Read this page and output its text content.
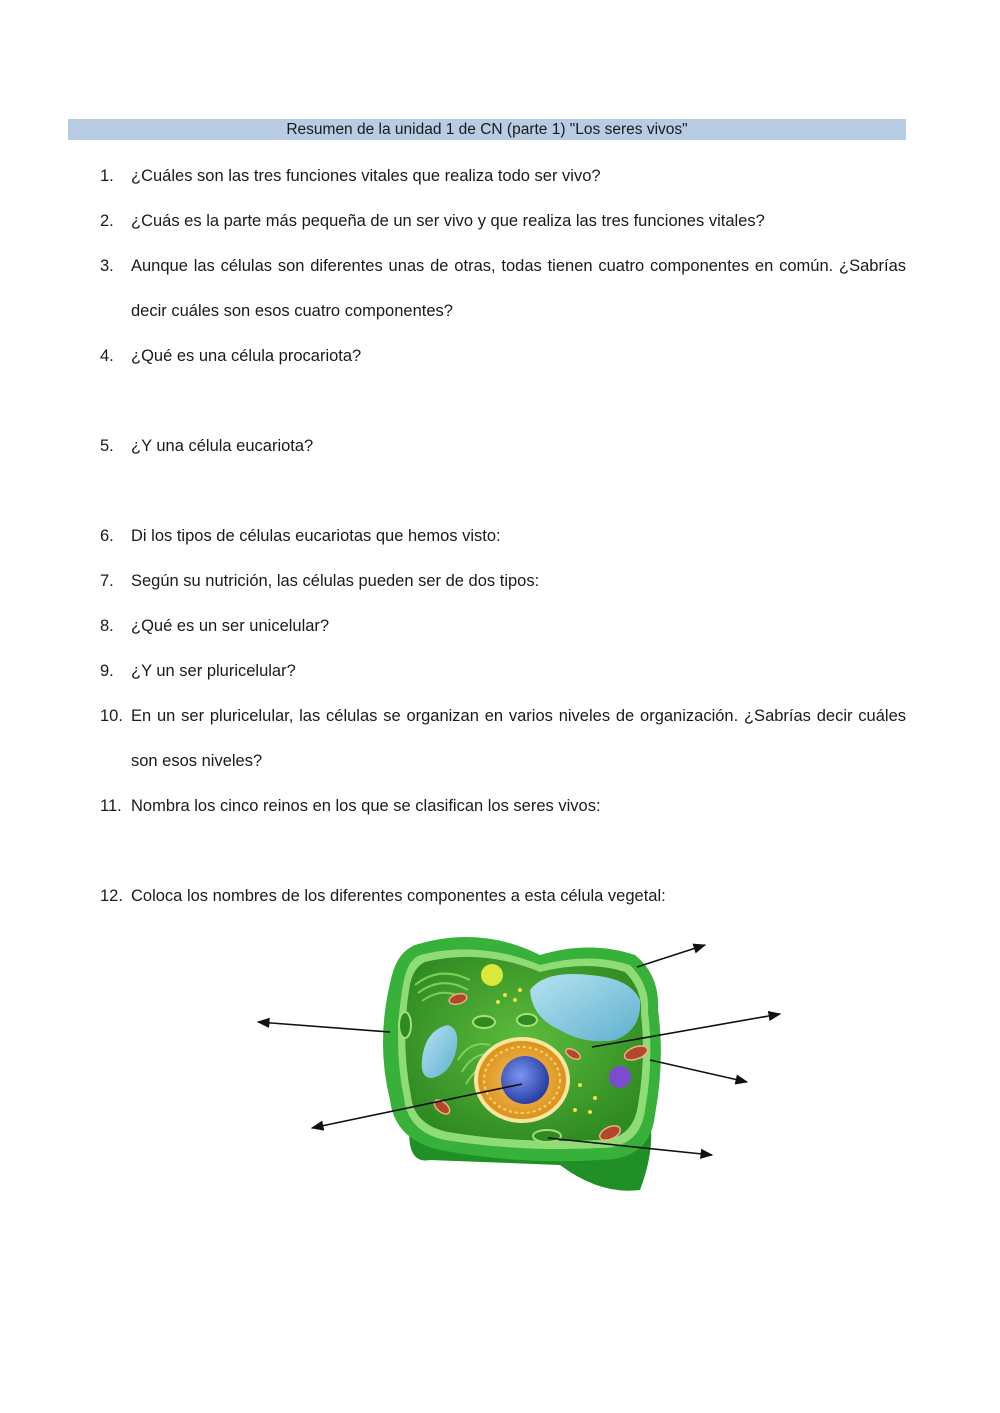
Resumen de la unidad 1 de CN (parte 1) "Los seres vivos"
1. ¿Cuáles son las tres funciones vitales que realiza todo ser vivo?
2. ¿Cuás es la parte más pequeña de un ser vivo y que realiza las tres funciones vitales?
3. Aunque las células son diferentes unas de otras, todas tienen cuatro componentes en común. ¿Sabrías
decir cuáles son esos cuatro componentes?
4. ¿Qué es una célula procariota?
5. ¿Y una célula eucariota?
6. Di los tipos de células eucariotas que hemos visto:
7. Según su nutrición, las células pueden ser de dos tipos:
8. ¿Qué es un ser unicelular?
9. ¿Y un ser pluricelular?
10. En un ser pluricelular, las células se organizan en varios niveles de organización. ¿Sabrías decir cuáles
son esos niveles?
11. Nombra los cinco reinos en los que se clasifican los seres vivos:
12. Coloca los nombres de los diferentes componentes a esta célula vegetal:
